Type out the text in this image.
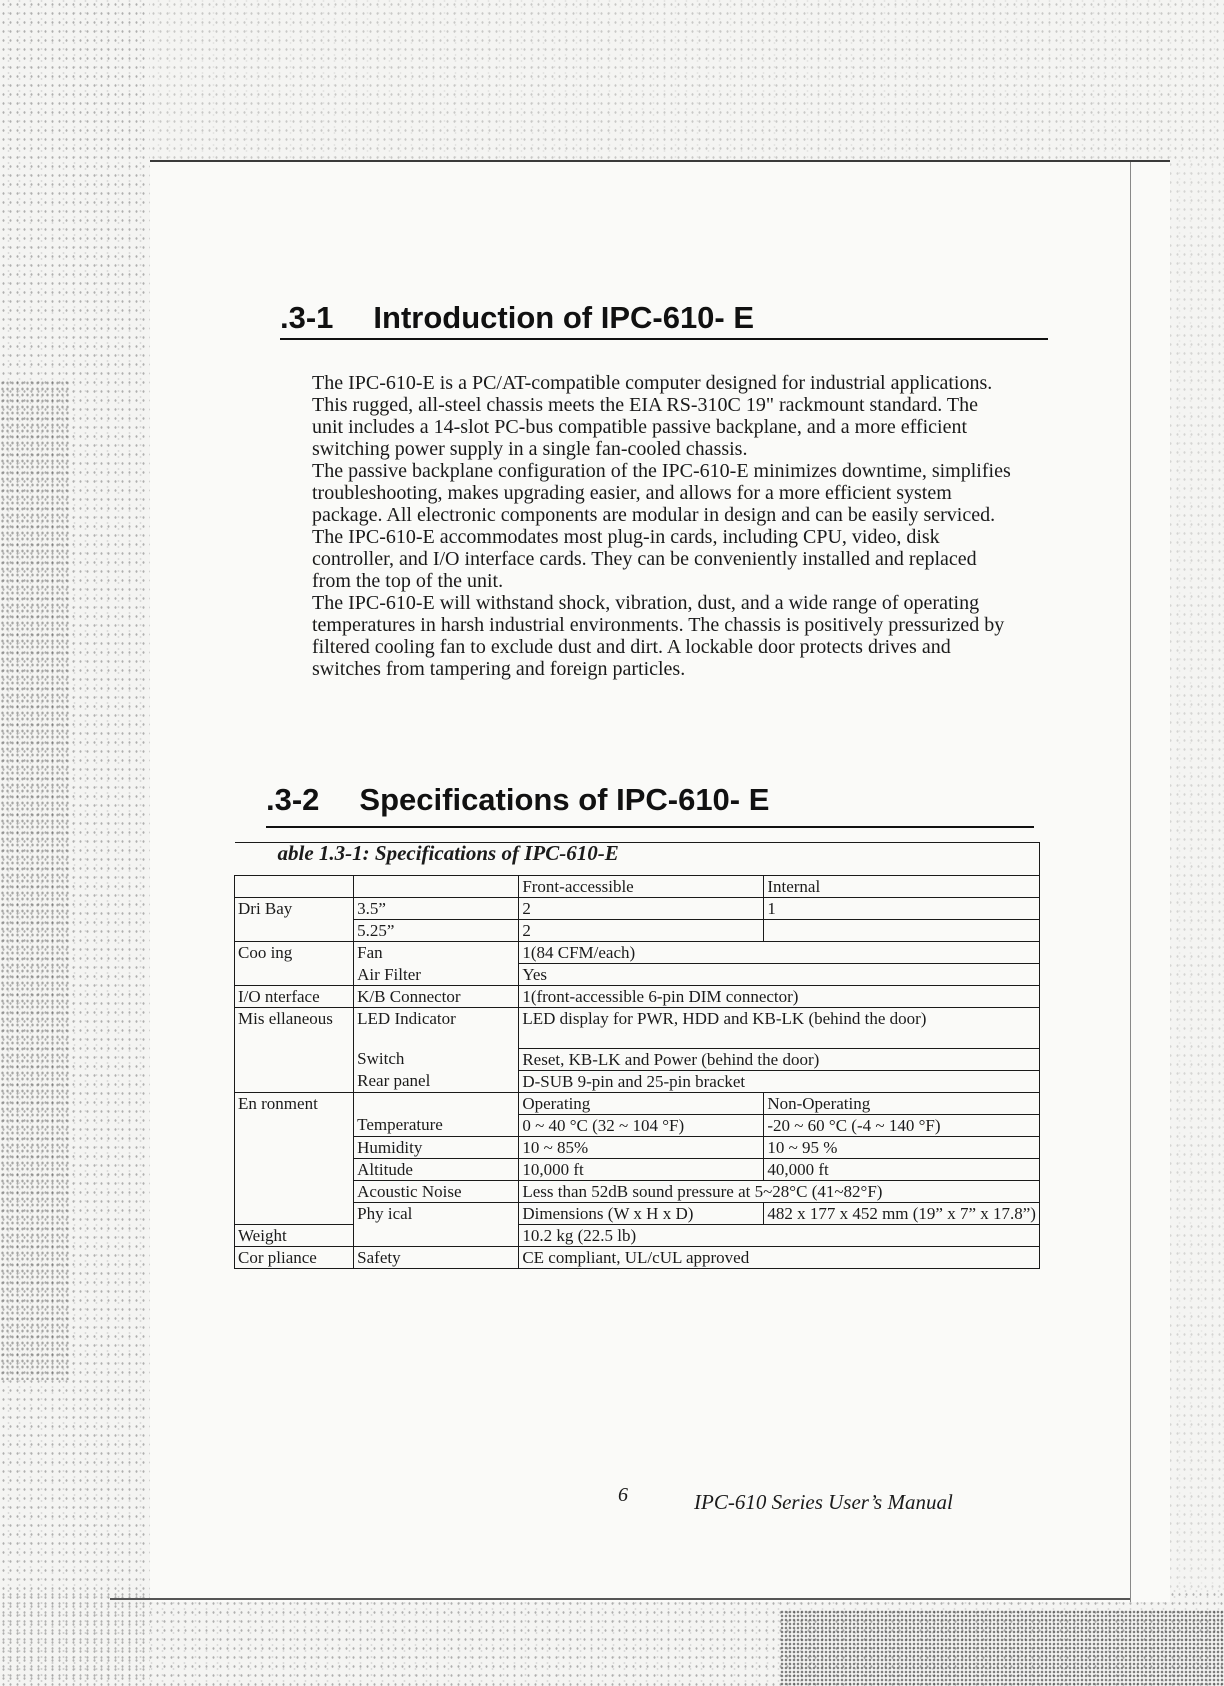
.3-1 Introduction of IPC-610- E

The IPC-610-E is a PC/AT-compatible computer designed for industrial applications. This rugged, all-steel chassis meets the EIA RS-310C 19" rackmount standard. The unit includes a 14-slot PC-bus compatible passive backplane, and a more efficient switching power supply in a single fan-cooled chassis.

The passive backplane configuration of the IPC-610-E minimizes downtime, simplifies troubleshooting, makes upgrading easier, and allows for a more efficient system package. All electronic components are modular in design and can be easily serviced. The IPC-610-E accommodates most plug-in cards, including CPU, video, disk controller, and I/O interface cards. They can be conveniently installed and replaced from the top of the unit.

The IPC-610-E will withstand shock, vibration, dust, and a wide range of operating temperatures in harsh industrial environments. The chassis is positively pressurized by filtered cooling fan to exclude dust and dirt. A lockable door protects drives and switches from tampering and foreign particles.

.3-2 Specifications of IPC-610- E
able 1.3-1: Specifications of IPC-610-E			
		Front-accessible	Internal
Dri Bay	3.5”	2	1
	5.25”	2	
Coo ing	Fan	1(84 CFM/each)	
	Air Filter	Yes	
I/O nterface	K/B Connector	1(front-accessible 6-pin DIM connector)	
Mis ellaneous	LED Indicator	LED display for PWR, HDD and KB-LK (behind the door)	
	Switch	Reset, KB-LK and Power (behind the door)	
	Rear panel	D-SUB 9-pin and 25-pin bracket	
En ronment		Operating	Non-Operating
	Temperature	0 ~ 40 °C (32 ~ 104 °F)	-20 ~ 60 °C (-4 ~ 140 °F)
	Humidity	10 ~ 85%	10 ~ 95 %
	Altitude	10,000 ft	40,000 ft
	Acoustic Noise	Less than 52dB sound pressure at 5~28°C (41~82°F)	
	Phy ical	Dimensions (W x H x D)	482 x 177 x 452 mm (19” x 7” x 17.8”)
Weight		10.2 kg (22.5 lb)	
Cor pliance	Safety	CE compliant, UL/cUL approved	
6	IPC-610 Series User’s Manual
